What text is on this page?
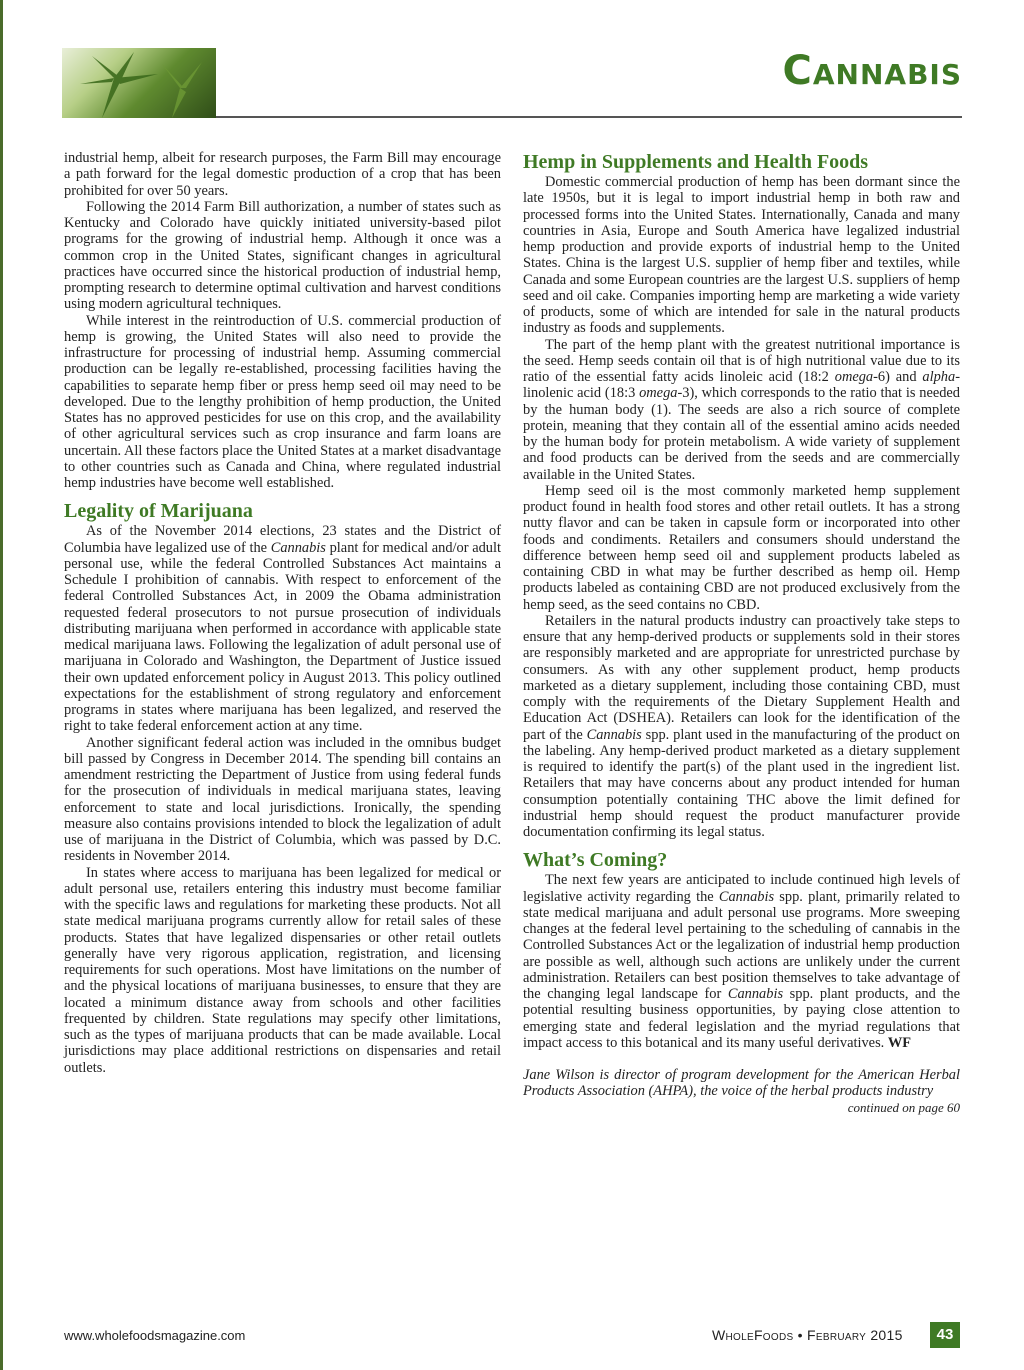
Cannabis

industrial hemp, albeit for research purposes, the Farm Bill may encourage a path forward for the legal domestic production of a crop that has been prohibited for over 50 years.

Following the 2014 Farm Bill authorization, a number of states such as Kentucky and Colorado have quickly initiated university-based pilot programs for the growing of industrial hemp. Although it once was a common crop in the United States, significant changes in agricultural practices have occurred since the historical production of industrial hemp, prompting research to determine optimal cultivation and harvest conditions using modern agricultural techniques.

While interest in the reintroduction of U.S. commercial production of hemp is growing, the United States will also need to provide the infrastructure for processing of industrial hemp. Assuming commercial production can be legally re-established, processing facilities having the capabilities to separate hemp fiber or press hemp seed oil may need to be developed. Due to the lengthy prohibition of hemp production, the United States has no approved pesticides for use on this crop, and the availability of other agricultural services such as crop insurance and farm loans are uncertain. All these factors place the United States at a market disadvantage to other countries such as Canada and China, where regulated industrial hemp industries have become well established.

Legality of Marijuana

As of the November 2014 elections, 23 states and the District of Columbia have legalized use of the Cannabis plant for medical and/or adult personal use, while the federal Controlled Substances Act maintains a Schedule I prohibition of cannabis. With respect to enforcement of the federal Controlled Substances Act, in 2009 the Obama administration requested federal prosecutors to not pursue prosecution of individuals distributing marijuana when performed in accordance with applicable state medical marijuana laws. Following the legalization of adult personal use of marijuana in Colorado and Washington, the Department of Justice issued their own updated enforcement policy in August 2013. This policy outlined expectations for the establishment of strong regulatory and enforcement programs in states where marijuana has been legalized, and reserved the right to take federal enforcement action at any time.

Another significant federal action was included in the omnibus budget bill passed by Congress in December 2014. The spending bill contains an amendment restricting the Department of Justice from using federal funds for the prosecution of individuals in medical marijuana states, leaving enforcement to state and local jurisdictions. Ironically, the spending measure also contains provisions intended to block the legalization of adult use of marijuana in the District of Columbia, which was passed by D.C. residents in November 2014.

In states where access to marijuana has been legalized for medical or adult personal use, retailers entering this industry must become familiar with the specific laws and regulations for marketing these products. Not all state medical marijuana programs currently allow for retail sales of these products. States that have legalized dispensaries or other retail outlets generally have very rigorous application, registration, and licensing requirements for such operations. Most have limitations on the number of and the physical locations of marijuana businesses, to ensure that they are located a minimum distance away from schools and other facilities frequented by children. State regulations may specify other limitations, such as the types of marijuana products that can be made available. Local jurisdictions may place additional restrictions on dispensaries and retail outlets.

Hemp in Supplements and Health Foods

Domestic commercial production of hemp has been dormant since the late 1950s, but it is legal to import industrial hemp in both raw and processed forms into the United States. Internationally, Canada and many countries in Asia, Europe and South America have legalized industrial hemp production and provide exports of industrial hemp to the United States. China is the largest U.S. supplier of hemp fiber and textiles, while Canada and some European countries are the largest U.S. suppliers of hemp seed and oil cake. Companies importing hemp are marketing a wide variety of products, some of which are intended for sale in the natural products industry as foods and supplements.

The part of the hemp plant with the greatest nutritional importance is the seed. Hemp seeds contain oil that is of high nutritional value due to its ratio of the essential fatty acids linoleic acid (18:2 omega-6) and alpha-linolenic acid (18:3 omega-3), which corresponds to the ratio that is needed by the human body (1). The seeds are also a rich source of complete protein, meaning that they contain all of the essential amino acids needed by the human body for protein metabolism. A wide variety of supplement and food products can be derived from the seeds and are commercially available in the United States.

Hemp seed oil is the most commonly marketed hemp supplement product found in health food stores and other retail outlets. It has a strong nutty flavor and can be taken in capsule form or incorporated into other foods and condiments. Retailers and consumers should understand the difference between hemp seed oil and supplement products labeled as containing CBD in what may be further described as hemp oil. Hemp products labeled as containing CBD are not produced exclusively from the hemp seed, as the seed contains no CBD.

Retailers in the natural products industry can proactively take steps to ensure that any hemp-derived products or supplements sold in their stores are responsibly marketed and are appropriate for unrestricted purchase by consumers. As with any other supplement product, hemp products marketed as a dietary supplement, including those containing CBD, must comply with the requirements of the Dietary Supplement Health and Education Act (DSHEA). Retailers can look for the identification of the part of the Cannabis spp. plant used in the manufacturing of the product on the labeling. Any hemp-derived product marketed as a dietary supplement is required to identify the part(s) of the plant used in the ingredient list. Retailers that may have concerns about any product intended for human consumption potentially containing THC above the limit defined for industrial hemp should request the product manufacturer provide documentation confirming its legal status.

What’s Coming?

The next few years are anticipated to include continued high levels of legislative activity regarding the Cannabis spp. plant, primarily related to state medical marijuana and adult personal use programs. More sweeping changes at the federal level pertaining to the scheduling of cannabis in the Controlled Substances Act or the legalization of industrial hemp production are possible as well, although such actions are unlikely under the current administration. Retailers can best position themselves to take advantage of the changing legal landscape for Cannabis spp. plant products, and the potential resulting business opportunities, by paying close attention to emerging state and federal legislation and the myriad regulations that impact access to this botanical and its many useful derivatives. WF

Jane Wilson is director of program development for the American Herbal Products Association (AHPA), the voice of the herbal products industry

continued on page 60

www.wholefoodsmagazine.com	WholeFoods • February 2015	43
